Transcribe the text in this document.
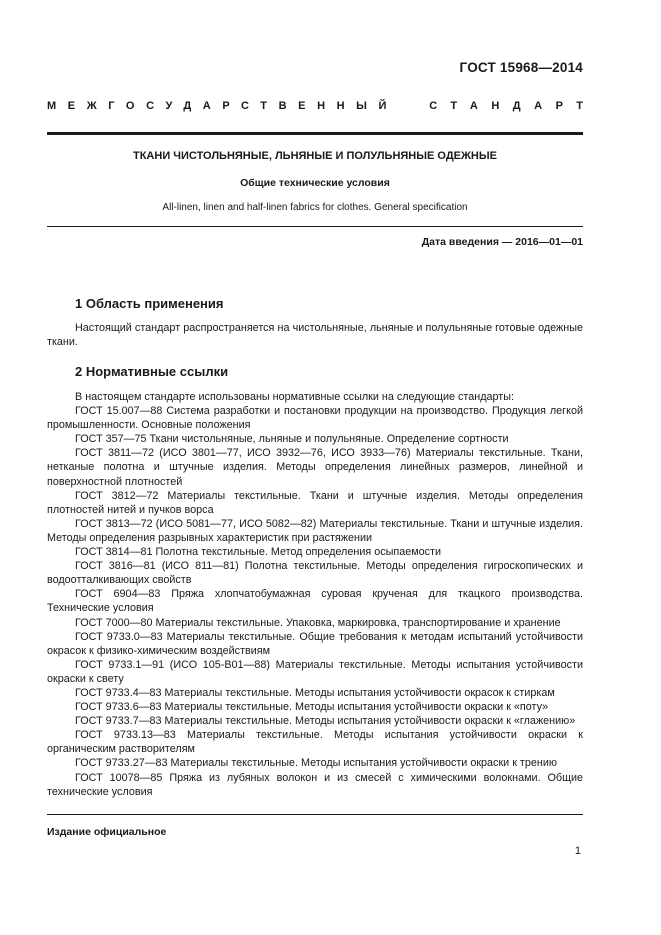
ГОСТ 15968—2014
МЕЖГОСУДАРСТВЕННЫЙ	СТАНДАРТ
ТКАНИ ЧИСТОЛЬНЯНЫЕ, ЛЬНЯНЫЕ И ПОЛУЛЬНЯНЫЕ ОДЕЖНЫЕ
Общие технические условия
All-linen, linen and half-linen fabrics for clothes. General specification
Дата введения — 2016—01—01
1 Область применения

Настоящий стандарт распространяется на чистольняные, льняные и полульняные готовые одежные ткани.

2 Нормативные ссылки

В настоящем стандарте использованы нормативные ссылки на следующие стандарты:

ГОСТ 15.007—88 Система разработки и постановки продукции на производство. Продукция легкой промышленности. Основные положения

ГОСТ 357—75 Ткани чистольняные, льняные и полульняные. Определение сортности

ГОСТ 3811—72 (ИСО 3801—77, ИСО 3932—76, ИСО 3933—76) Материалы текстильные. Ткани, нетканые полотна и штучные изделия. Методы определения линейных размеров, линейной и поверхностной плотностей

ГОСТ 3812—72 Материалы текстильные. Ткани и штучные изделия. Методы определения плотностей нитей и пучков ворса

ГОСТ 3813—72 (ИСО 5081—77, ИСО 5082—82) Материалы текстильные. Ткани и штучные изделия. Методы определения разрывных характеристик при растяжении

ГОСТ 3814—81 Полотна текстильные. Метод определения осыпаемости

ГОСТ 3816—81 (ИСО 811—81) Полотна текстильные. Методы определения гигроскопических и водоотталкивающих свойств

ГОСТ 6904—83 Пряжа хлопчатобумажная суровая крученая для ткацкого производства. Технические условия

ГОСТ 7000—80 Материалы текстильные. Упаковка, маркировка, транспортирование и хранение

ГОСТ 9733.0—83 Материалы текстильные. Общие требования к методам испытаний устойчивости окрасок к физико-химическим воздействиям

ГОСТ 9733.1—91 (ИСО 105-В01—88) Материалы текстильные. Методы испытания устойчивости окраски к свету

ГОСТ 9733.4—83 Материалы текстильные. Методы испытания устойчивости окрасок к стиркам

ГОСТ 9733.6—83 Материалы текстильные. Методы испытания устойчивости окраски к «поту»

ГОСТ 9733.7—83 Материалы текстильные. Методы испытания устойчивости окраски к «глажению»

ГОСТ 9733.13—83 Материалы текстильные. Методы испытания устойчивости окраски к органическим растворителям

ГОСТ 9733.27—83 Материалы текстильные. Методы испытания устойчивости окраски к трению

ГОСТ 10078—85 Пряжа из лубяных волокон и из смесей с химическими волокнами. Общие технические условия

Издание официальное
1
